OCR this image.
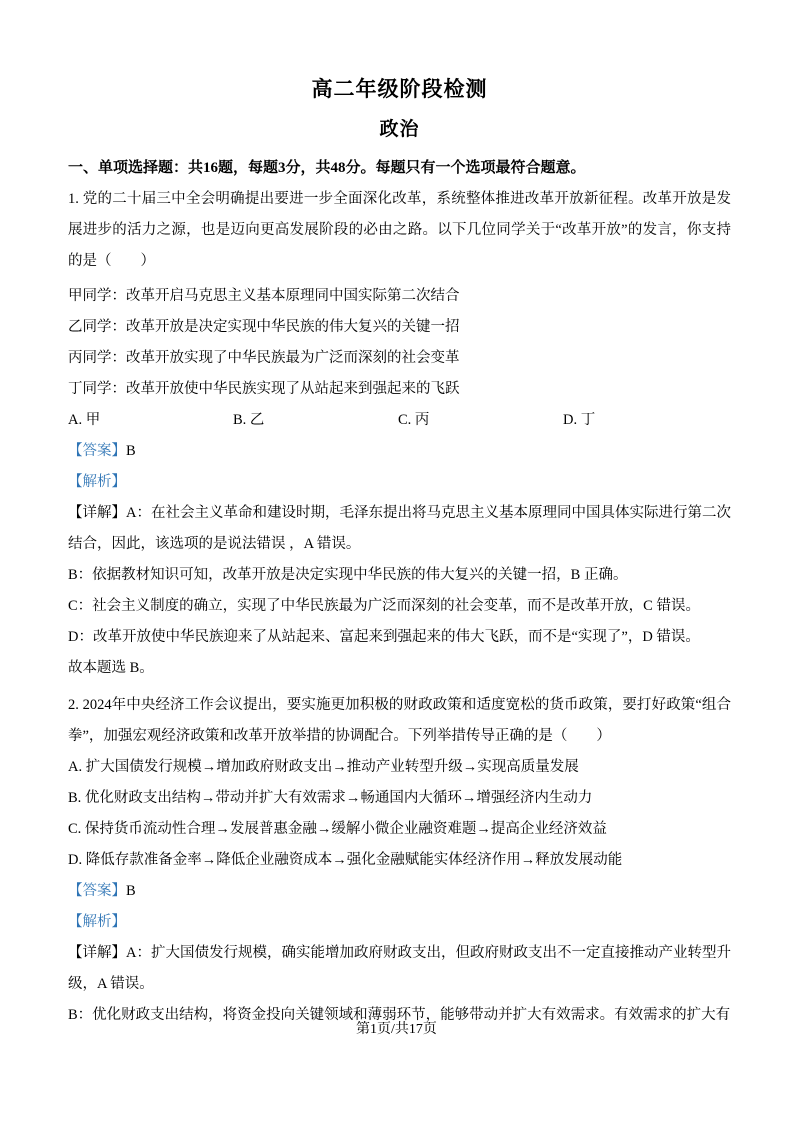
高二年级阶段检测
政治

一、单项选择题：共16题，每题3分，共48分。每题只有一个选项最符合题意。

1. 党的二十届三中全会明确提出要进一步全面深化改革，系统整体推进改革开放新征程。改革开放是发展进步的活力之源，也是迈向更高发展阶段的必由之路。以下几位同学关于“改革开放”的发言，你支持的是（　　）

甲同学：改革开启马克思主义基本原理同中国实际第二次结合

乙同学：改革开放是决定实现中华民族的伟大复兴的关键一招

丙同学：改革开放实现了中华民族最为广泛而深刻的社会变革

丁同学：改革开放使中华民族实现了从站起来到强起来的飞跃

A. 甲	B. 乙	C. 丙	D. 丁

【答案】B

【解析】

【详解】A：在社会主义革命和建设时期，毛泽东提出将马克思主义基本原理同中国具体实际进行第二次结合，因此，该选项的是说法错误 ，A 错误。

B：依据教材知识可知，改革开放是决定实现中华民族的伟大复兴的关键一招，B 正确。

C：社会主义制度的确立，实现了中华民族最为广泛而深刻的社会变革，而不是改革开放，C 错误。

D：改革开放使中华民族迎来了从站起来、富起来到强起来的伟大飞跃，而不是“实现了”，D 错误。

故本题选 B。

2. 2024年中央经济工作会议提出，要实施更加积极的财政政策和适度宽松的货币政策，要打好政策“组合拳”，加强宏观经济政策和改革开放举措的协调配合。下列举措传导正确的是（　　）

A. 扩大国债发行规模→增加政府财政支出→推动产业转型升级→实现高质量发展

B. 优化财政支出结构→带动并扩大有效需求→畅通国内大循环→增强经济内生动力

C. 保持货币流动性合理→发展普惠金融→缓解小微企业融资难题→提高企业经济效益

D. 降低存款准备金率→降低企业融资成本→强化金融赋能实体经济作用→释放发展动能

【答案】B

【解析】

【详解】A：扩大国债发行规模，确实能增加政府财政支出，但政府财政支出不一定直接推动产业转型升级，A 错误。

B：优化财政支出结构，将资金投向关键领域和薄弱环节，能够带动并扩大有效需求。有效需求的扩大有

第1页/共17页
